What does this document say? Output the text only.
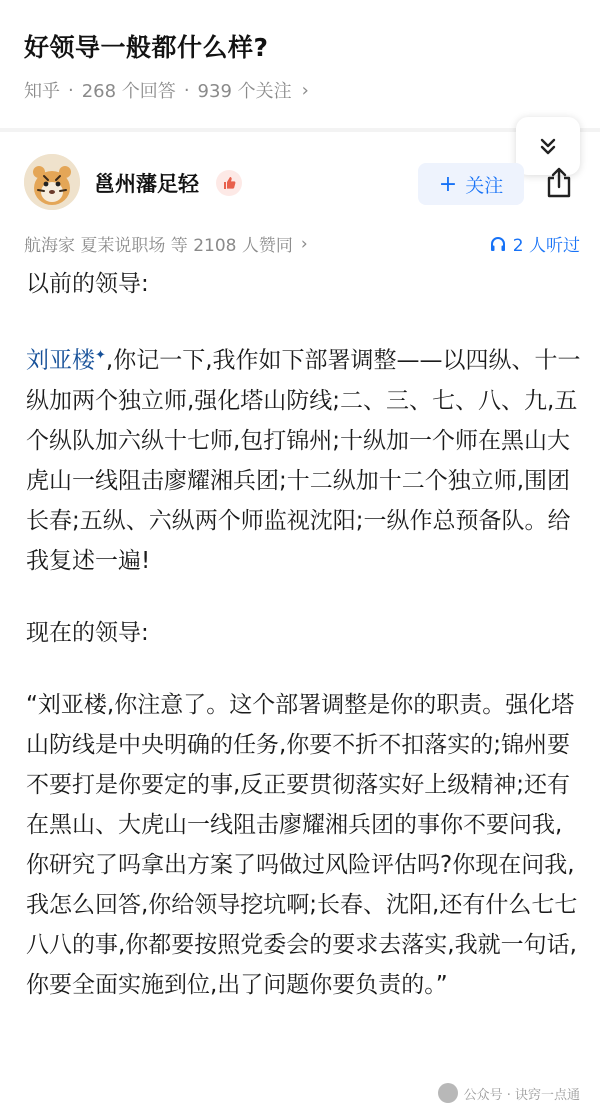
好领导一般都什么样?
知乎 · 268 个回答 · 939 个关注 ›
邕州藩足轻	+ 关注
航海家 夏茉说职场 等 2108 人赞同 ›	2 人听过

以前的领导:

刘亚楼✦,你记一下,我作如下部署调整——以四纵、十一纵加两个独立师,强化塔山防线;二、三、七、八、九,五个纵队加六纵十七师,包打锦州;十纵加一个师在黑山大虎山一线阻击廖耀湘兵团;十二纵加十二个独立师,围团长春;五纵、六纵两个师监视沈阳;一纵作总预备队。给我复述一遍!

现在的领导:

“刘亚楼,你注意了。这个部署调整是你的职责。强化塔山防线是中央明确的任务,你要不折不扣落实的;锦州要不要打是你要定的事,反正要贯彻落实好上级精神;还有在黑山、大虎山一线阻击廖耀湘兵团的事你不要问我,你研究了吗拿出方案了吗做过风险评估吗?你现在问我,我怎么回答,你给领导挖坑啊;长春、沈阳,还有什么七七八八的事,你都要按照党委会的要求去落实,我就一句话,你要全面实施到位,出了问题你要负责的。”

公众号 · 诀窍一点通
